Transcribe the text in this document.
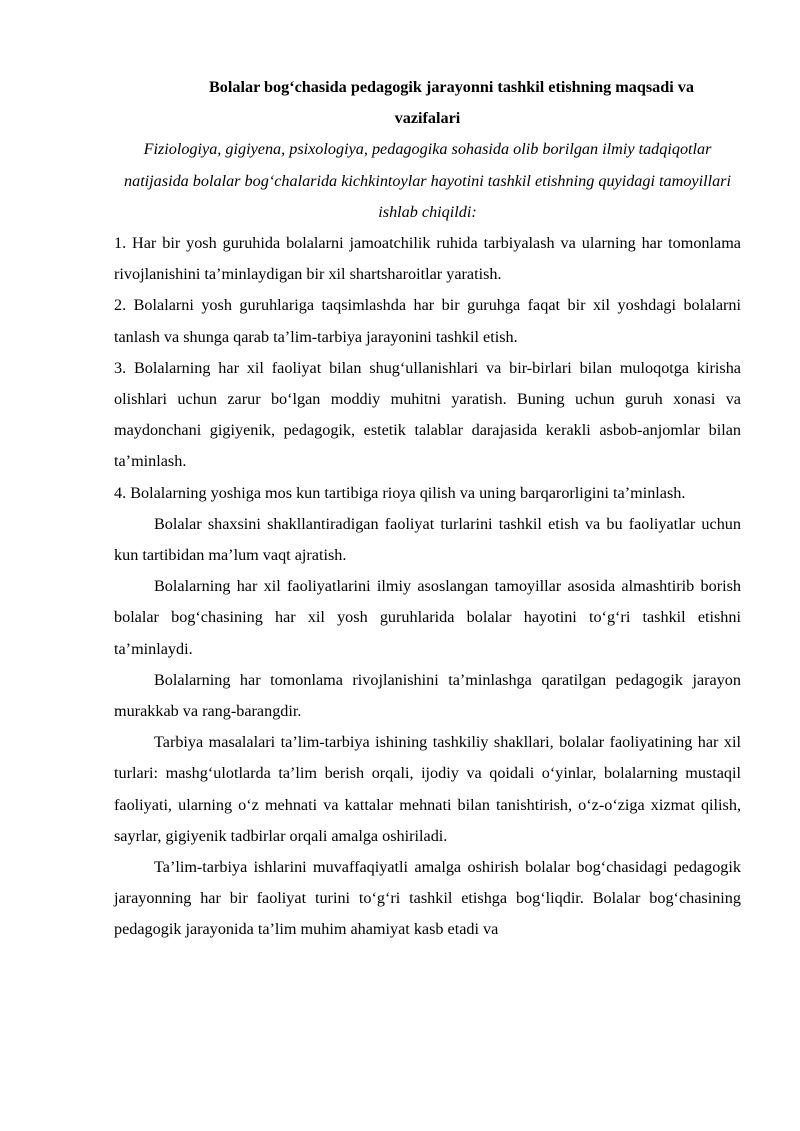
Bolalar bog‘chasida pedagogik jarayonni tashkil etishning maqsadi va

vazifalari

Fiziologiya, gigiyena, psixologiya, pedagogika sohasida olib borilgan ilmiy tadqiqotlar natijasida bolalar bog‘chalarida kichkintoylar hayotini tashkil etishning quyidagi tamoyillari ishlab chiqildi:

1. Har bir yosh guruhida bolalarni jamoatchilik ruhida tarbiyalash va ularning har tomonlama rivojlanishini ta’minlaydigan bir xil shartsharoitlar yaratish.

2. Bolalarni yosh guruhlariga taqsimlashda har bir guruhga faqat bir xil yoshdagi bolalarni tanlash va shunga qarab ta’lim-tarbiya jarayonini tashkil etish.

3. Bolalarning har xil faoliyat bilan shug‘ullanishlari va bir-birlari bilan muloqotga kirisha olishlari uchun zarur bo‘lgan moddiy muhitni yaratish. Buning uchun guruh xonasi va maydonchani gigiyenik, pedagogik, estetik talablar darajasida kerakli asbob-anjomlar bilan ta’minlash.

4. Bolalarning yoshiga mos kun tartibiga rioya qilish va uning barqarorligini ta’minlash.

Bolalar shaxsini shakllantiradigan faoliyat turlarini tashkil etish va bu faoliyatlar uchun kun tartibidan ma’lum vaqt ajratish.

Bolalarning har xil faoliyatlarini ilmiy asoslangan tamoyillar asosida almashtirib borish bolalar bog‘chasining har xil yosh guruhlarida bolalar hayotini to‘g‘ri tashkil etishni ta’minlaydi.

Bolalarning har tomonlama rivojlanishini ta’minlashga qaratilgan pedagogik jarayon murakkab va rang-barangdir.

Tarbiya masalalari ta’lim-tarbiya ishining tashkiliy shakllari, bolalar faoliyatining har xil turlari: mashg‘ulotlarda ta’lim berish orqali, ijodiy va qoidali o‘yinlar, bolalarning mustaqil faoliyati, ularning o‘z mehnati va kattalar mehnati bilan tanishtirish, o‘z-o‘ziga xizmat qilish, sayrlar, gigiyenik tadbirlar orqali amalga oshiriladi.

Ta’lim-tarbiya ishlarini muvaffaqiyatli amalga oshirish bolalar bog‘chasidagi pedagogik jarayonning har bir faoliyat turini to‘g‘ri tashkil etishga bog‘liqdir. Bolalar bog‘chasining pedagogik jarayonida ta’lim muhim ahamiyat kasb etadi va
